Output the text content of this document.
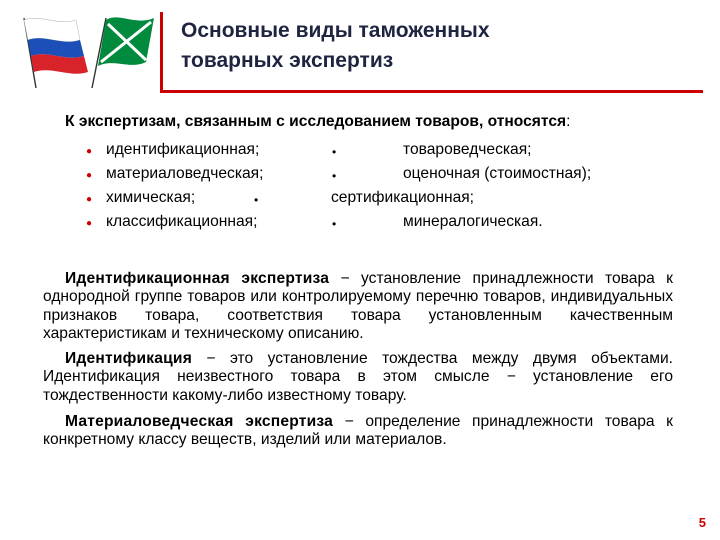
Основные виды таможенных
товарных экспертиз
К экспертизам, связанным с исследованием товаров, относятся:
● идентификационная;	•	товароведческая;
● материаловедческая;	•	оценочная (стоимостная);
● химическая;	•	сертификационная;
● классификационная;	•	минералогическая.
Идентификационная экспертиза − установление принадлежности товара к однородной группе товаров или контролируемому перечню товаров, индивидуальных признаков товара, соответствия товара установленным качественным характеристикам и техническому описанию.
Идентификация − это установление тождества между двумя объектами. Идентификация неизвестного товара в этом смысле − установление его тождественности какому-либо известному товару.
Материаловедческая экспертиза − определение принадлежности товара к конкретному классу веществ, изделий или материалов.
5
